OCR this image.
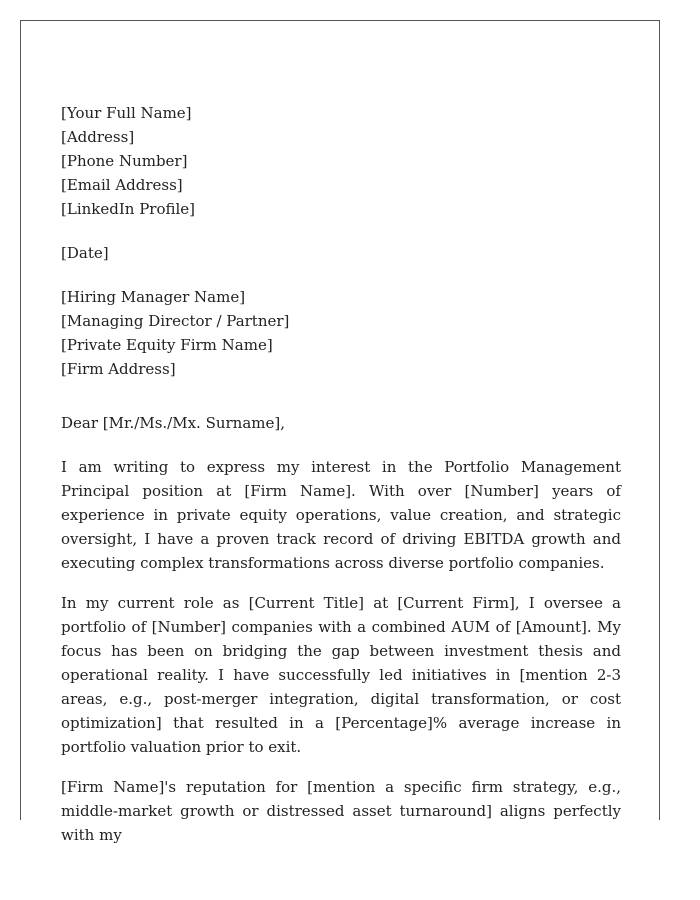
[Your Full Name]
[Address]
[Phone Number]
[Email Address]
[LinkedIn Profile]
[Date]
[Hiring Manager Name]
[Managing Director / Partner]
[Private Equity Firm Name]
[Firm Address]
Dear [Mr./Ms./Mx. Surname],

I am writing to express my interest in the Portfolio Management Principal position at [Firm Name]. With over [Number] years of experience in private equity operations, value creation, and strategic oversight, I have a proven track record of driving EBITDA growth and executing complex transformations across diverse portfolio companies.

In my current role as [Current Title] at [Current Firm], I oversee a portfolio of [Number] companies with a combined AUM of [Amount]. My focus has been on bridging the gap between investment thesis and operational reality. I have successfully led initiatives in [mention 2-3 areas, e.g., post-merger integration, digital transformation, or cost optimization] that resulted in a [Percentage]% average increase in portfolio valuation prior to exit.

[Firm Name]'s reputation for [mention a specific firm strategy, e.g., middle-market growth or distressed asset turnaround] aligns perfectly with my
